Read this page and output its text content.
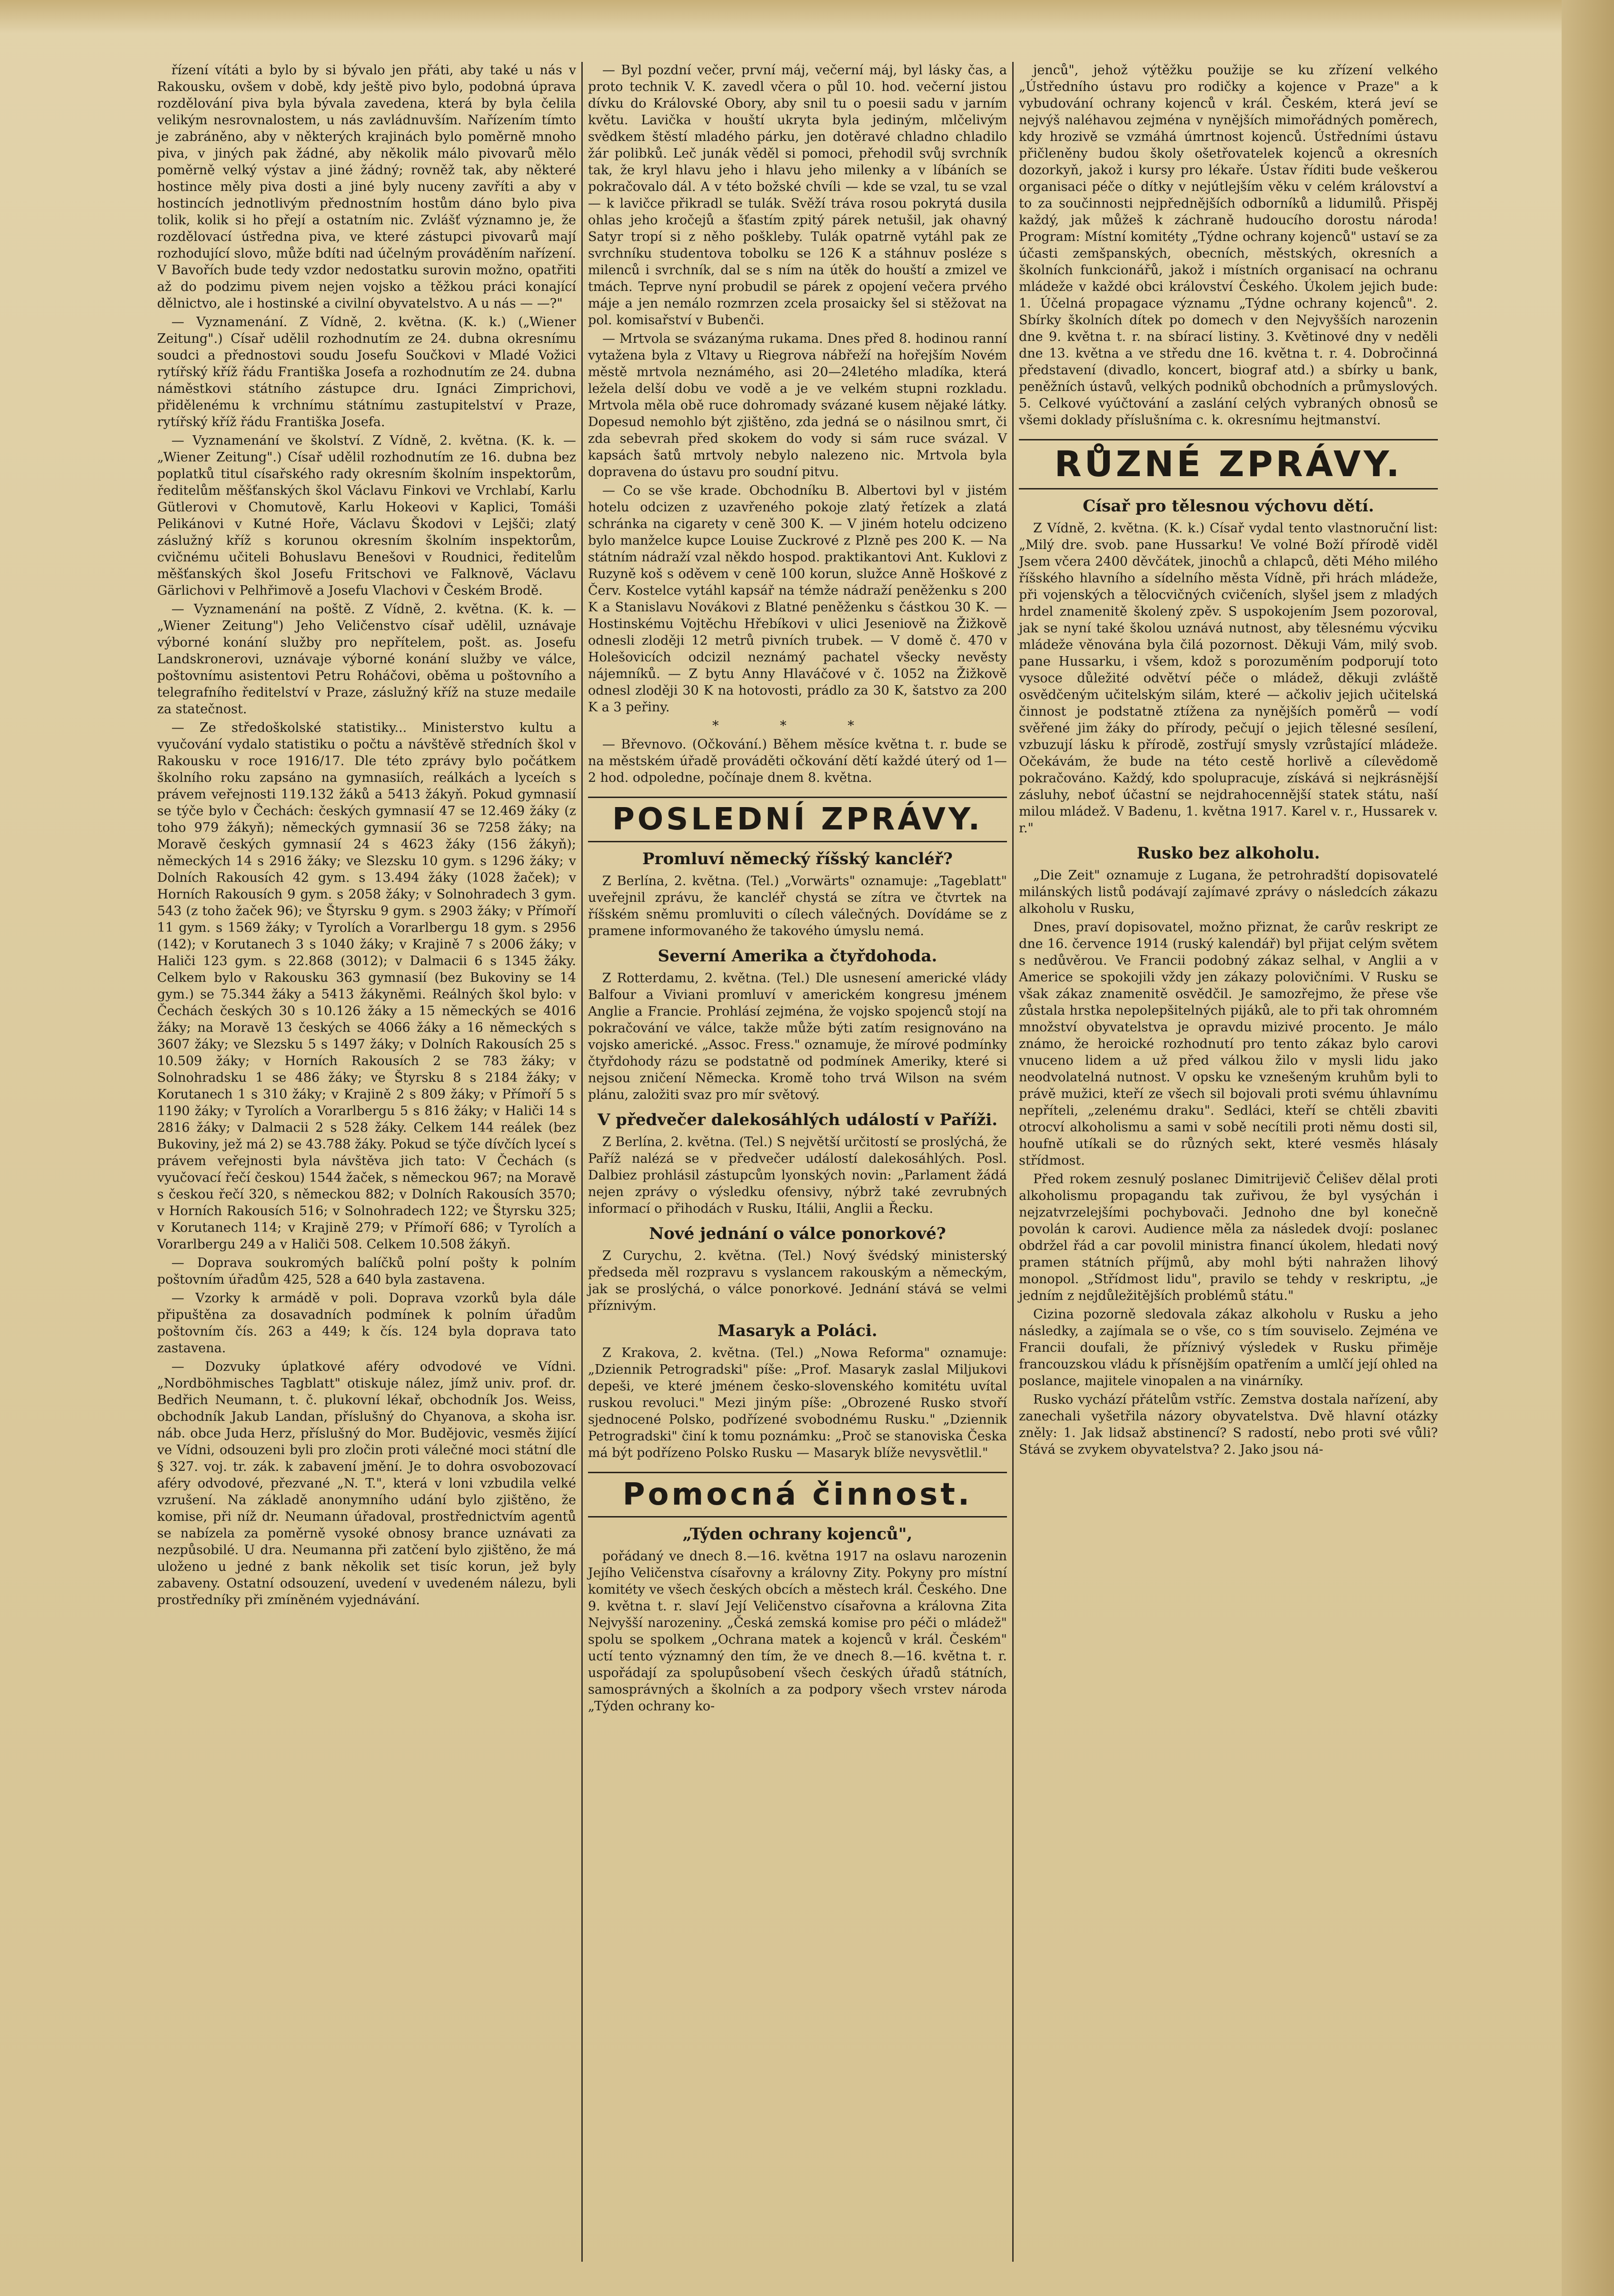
řízení vítáti a bylo by si bývalo jen přáti, aby také u nás v Rakousku, ovšem v době, kdy ještě pivo bylo, podobná úprava rozdělování piva byla bývala zavedena, která by byla čelila velikým nesrovnalostem, u nás zavládnuvším. Nařízením tímto je zabráněno, aby v některých krajinách bylo poměrně mnoho piva, v jiných pak žádné, aby několik málo pivovarů mělo poměrně velký výstav a jiné žádný; rovněž tak, aby některé hostince měly piva dosti a jiné byly nuceny zavříti a aby v hostincích jednotlivým přednostním hostům dáno bylo piva tolik, kolik si ho přejí a ostatním nic. Zvlášť významno je, že rozdělovací ústředna piva, ve které zástupci pivovarů mají rozhodující slovo, může bdíti nad účelným prováděním nařízení. V Bavořích bude tedy vzdor nedostatku surovin možno, opatřiti až do podzimu pivem nejen vojsko a těžkou práci konající dělnictvo, ale i hostinské a civilní obyvatelstvo. A u nás — —?"

— Vyznamenání. Z Vídně, 2. května. (K. k.) („Wiener Zeitung".) Císař udělil rozhodnutím ze 24. dubna okresnímu soudci a přednostovi soudu Josefu Součkovi v Mladé Vožici rytířský kříž řádu Františka Josefa a rozhodnutím ze 24. dubna náměstkovi státního zástupce dru. Ignáci Zimprichovi, přidělenému k vrchnímu státnímu zastupitelství v Praze, rytířský kříž řádu Františka Josefa.

— Vyznamenání ve školství. Z Vídně, 2. května. (K. k. — „Wiener Zeitung".) Císař udělil rozhodnutím ze 16. dubna bez poplatků titul císařského rady okresním školním inspektorům, ředitelům měšťanských škol Václavu Finkovi ve Vrchlabí, Karlu Gütlerovi v Chomutově, Karlu Hokeovi v Kaplici, Tomáši Pelikánovi v Kutné Hoře, Václavu Škodovi v Lejšči; zlatý záslužný kříž s korunou okresním školním inspektorům, cvičnému učiteli Bohuslavu Benešovi v Roudnici, ředitelům měšťanských škol Josefu Fritschovi ve Falknově, Václavu Gärlichovi v Pelhřimově a Josefu Vlachovi v Českém Brodě.

— Vyznamenání na poště. Z Vídně, 2. května. (K. k. — „Wiener Zeitung") Jeho Veličenstvo císař udělil, uznávaje výborné konání služby pro nepřítelem, pošt. as. Josefu Landskronerovi, uznávaje výborné konání služby ve válce, poštovnímu asistentovi Petru Roháčovi, oběma u poštovního a telegrafního ředitelství v Praze, záslužný kříž na stuze medaile za statečnost.

— Ze středoškolské statistiky... Ministerstvo kultu a vyučování vydalo statistiku o počtu a návštěvě středních škol v Rakousku v roce 1916/17. Dle této zprávy bylo počátkem školního roku zapsáno na gymnasiích, reálkách a lyceích s právem veřejnosti 119.132 žáků a 5413 žákyň. Pokud gymnasií se týče bylo v Čechách: českých gymnasií 47 se 12.469 žáky (z toho 979 žákyň); německých gymnasií 36 se 7258 žáky; na Moravě českých gymnasií 24 s 4623 žáky (156 žákyň); německých 14 s 2916 žáky; ve Slezsku 10 gym. s 1296 žáky; v Dolních Rakousích 42 gym. s 13.494 žáky (1028 žaček); v Horních Rakousích 9 gym. s 2058 žáky; v Solnohradech 3 gym. 543 (z toho žaček 96); ve Štyrsku 9 gym. s 2903 žáky; v Přímoří 11 gym. s 1569 žáky; v Tyrolích a Vorarlbergu 18 gym. s 2956 (142); v Korutanech 3 s 1040 žáky; v Krajině 7 s 2006 žáky; v Haliči 123 gym. s 22.868 (3012); v Dalmacii 6 s 1345 žáky. Celkem bylo v Rakousku 363 gymnasií (bez Bukoviny se 14 gym.) se 75.344 žáky a 5413 žákyněmi. Reálných škol bylo: v Čechách českých 30 s 10.126 žáky a 15 německých se 4016 žáky; na Moravě 13 českých se 4066 žáky a 16 německých s 3607 žáky; ve Slezsku 5 s 1497 žáky; v Dolních Rakousích 25 s 10.509 žáky; v Horních Rakousích 2 se 783 žáky; v Solnohradsku 1 se 486 žáky; ve Štyrsku 8 s 2184 žáky; v Korutanech 1 s 310 žáky; v Krajině 2 s 809 žáky; v Přímoří 5 s 1190 žáky; v Tyrolích a Vorarlbergu 5 s 816 žáky; v Haliči 14 s 2816 žáky; v Dalmacii 2 s 528 žáky. Celkem 144 reálek (bez Bukoviny, jež má 2) se 43.788 žáky. Pokud se týče dívčích lyceí s právem veřejnosti byla návštěva jich tato: V Čechách (s vyučovací řečí českou) 1544 žaček, s německou 967; na Moravě s českou řečí 320, s německou 882; v Dolních Rakousích 3570; v Horních Rakousích 516; v Solnohradech 122; ve Štyrsku 325; v Korutanech 114; v Krajině 279; v Přímoří 686; v Tyrolích a Vorarlbergu 249 a v Haliči 508. Celkem 10.508 žákyň.

— Doprava soukromých balíčků polní pošty k polním poštovním úřadům 425, 528 a 640 byla zastavena.

— Vzorky k armádě v poli. Doprava vzorků byla dále připuštěna za dosavadních podmínek k polním úřadům poštovním čís. 263 a 449; k čís. 124 byla doprava tato zastavena.

— Dozvuky úplatkové aféry odvodové ve Vídni. „Nordböhmisches Tagblatt" otiskuje nález, jímž univ. prof. dr. Bedřich Neumann, t. č. plukovní lékař, obchodník Jos. Weiss, obchodník Jakub Landan, příslušný do Chyanova, a skoha isr. náb. obce Juda Herz, příslušný do Mor. Budějovic, vesměs žijící ve Vídni, odsouzeni byli pro zločin proti válečné moci státní dle § 327. voj. tr. zák. k zabavení jmění. Je to dohra osvobozovací aféry odvodové, přezvané „N. T.", která v loni vzbudila velké vzrušení. Na základě anonymního udání bylo zjištěno, že komise, při níž dr. Neumann úřadoval, prostřednictvím agentů se nabízela za poměrně vysoké obnosy brance uznávati za nezpůsobilé. U dra. Neumanna při zatčení bylo zjištěno, že má uloženo u jedné z bank několik set tisíc korun, jež byly zabaveny. Ostatní odsouzení, uvedení v uvedeném nálezu, byli prostředníky při zmíněném vyjednávání.

— Byl pozdní večer, první máj, večerní máj, byl lásky čas, a proto technik V. K. zavedl včera o půl 10. hod. večerní jistou dívku do Královské Obory, aby snil tu o poesii sadu v jarním květu. Lavička v houští ukryta byla jediným, mlčelivým svědkem štěstí mladého párku, jen dotěravé chladno chladilo žár polibků. Leč junák věděl si pomoci, přehodil svůj svrchník tak, že kryl hlavu jeho i hlavu jeho milenky a v líbáních se pokračovalo dál. A v této božské chvíli — kde se vzal, tu se vzal — k lavičce přikradl se tulák. Svěží tráva rosou pokrytá dusila ohlas jeho kročejů a šťastím zpitý párek netušil, jak ohavný Satyr tropí si z něho poškleby. Tulák opatrně vytáhl pak ze svrchníku studentova tobolku se 126 K a stáhnuv posléze s milenců i svrchník, dal se s ním na útěk do houští a zmizel ve tmách. Teprve nyní probudil se párek z opojení večera prvého máje a jen nemálo rozmrzen zcela prosaicky šel si stěžovat na pol. komisařství v Bubenči.

— Mrtvola se svázanýma rukama. Dnes před 8. hodinou ranní vytažena byla z Vltavy u Riegrova nábřeží na hořejším Novém městě mrtvola neznámého, asi 20—24letého mladíka, která ležela delší dobu ve vodě a je ve velkém stupni rozkladu. Mrtvola měla obě ruce dohromady svázané kusem nějaké látky. Dopesud nemohlo být zjištěno, zda jedná se o násilnou smrt, či zda sebevrah před skokem do vody si sám ruce svázal. V kapsách šatů mrtvoly nebylo nalezeno nic. Mrtvola byla dopravena do ústavu pro soudní pitvu.

— Co se vše krade. Obchodníku B. Albertovi byl v jistém hotelu odcizen z uzavřeného pokoje zlatý řetízek a zlatá schránka na cigarety v ceně 300 K. — V jiném hotelu odcizeno bylo manželce kupce Louise Zuckrové z Plzně pes 200 K. — Na státním nádraží vzal někdo hospod. praktikantovi Ant. Kuklovi z Ruzyně koš s oděvem v ceně 100 korun, služce Anně Hoškové z Červ. Kostelce vytáhl kapsář na témže nádraží peněženku s 200 K a Stanislavu Novákovi z Blatné peněženku s částkou 30 K. — Hostinskému Vojtěchu Hřebíkovi v ulici Jeseniově na Žižkově odnesli zloději 12 metrů pivních trubek. — V domě č. 470 v Holešovicích odcizil neznámý pachatel všecky nevěsty nájemníků. — Z bytu Anny Hlaváčové v č. 1052 na Žižkově odnesl zloději 30 K na hotovosti, prádlo za 30 K, šatstvo za 200 K a 3 peřiny.

* * *

— Břevnovo. (Očkování.) Během měsíce května t. r. bude se na městském úřadě prováděti očkování dětí každé úterý od 1—2 hod. odpoledne, počínaje dnem 8. května.

POSLEDNÍ ZPRÁVY.
Promluví německý říšský kancléř?

Z Berlína, 2. května. (Tel.) „Vorwärts" oznamuje: „Tageblatt" uveřejnil zprávu, že kancléř chystá se zítra ve čtvrtek na říšském sněmu promluviti o cílech válečných. Dovídáme se z pramene informovaného že takového úmyslu nemá.

Severní Amerika a čtyřdohoda.

Z Rotterdamu, 2. května. (Tel.) Dle usnesení americké vlády Balfour a Viviani promluví v americkém kongresu jménem Anglie a Francie. Prohlásí zejména, že vojsko spojenců stojí na pokračování ve válce, takže může býti zatím resignováno na vojsko americké. „Assoc. Fress." oznamuje, že mírové podmínky čtyřdohody rázu se podstatně od podmínek Ameriky, které si nejsou zničení Německa. Kromě toho trvá Wilson na svém plánu, založiti svaz pro mír světový.

V předvečer dalekosáhlých událostí v Paříži.

Z Berlína, 2. května. (Tel.) S největší určitostí se proslýchá, že Paříž nalézá se v předvečer událostí dalekosáhlých. Posl. Dalbiez prohlásil zástupcům lyonských novin: „Parlament žádá nejen zprávy o výsledku ofensivy, nýbrž také zevrubných informací o přihodách v Rusku, Itálii, Anglii a Řecku.

Nové jednání o válce ponorkové?

Z Curychu, 2. května. (Tel.) Nový švédský ministerský předseda měl rozpravu s vyslancem rakouským a německým, jak se proslýchá, o válce ponorkové. Jednání stává se velmi příznivým.

Masaryk a Poláci.

Z Krakova, 2. května. (Tel.) „Nowa Reforma" oznamuje: „Dziennik Petrogradski" píše: „Prof. Masaryk zaslal Miljukovi depeši, ve které jménem česko-slovenského komitétu uvítal ruskou revoluci." Mezi jiným píše: „Obrozené Rusko stvoří sjednocené Polsko, podřízené svobodnému Rusku." „Dziennik Petrogradski" činí k tomu poznámku: „Proč se stanoviska Česka má být podřízeno Polsko Rusku — Masaryk blíže nevysvětlil."

Pomocná činnost.
„Týden ochrany kojenců",

pořádaný ve dnech 8.—16. května 1917 na oslavu narozenin Jejího Veličenstva císařovny a královny Zity. Pokyny pro místní komitéty ve všech českých obcích a městech král. Českého. Dne 9. května t. r. slaví Její Veličenstvo císařovna a královna Zita Nejvyšší narozeniny. „Česká zemská komise pro péči o mládež" spolu se spolkem „Ochrana matek a kojenců v král. Českém" uctí tento významný den tím, že ve dnech 8.—16. května t. r. uspořádají za spolupůsobení všech českých úřadů státních, samosprávných a školních a za podpory všech vrstev národa „Týden ochrany ko-

jenců", jehož výtěžku použije se ku zřízení velkého „Ústředního ústavu pro rodičky a kojence v Praze" a k vybudování ochrany kojenců v král. Českém, která jeví se nejvýš naléhavou zejména v nynějších mimořádných poměrech, kdy hrozivě se vzmáhá úmrtnost kojenců. Ústředními ústavu přičleněny budou školy ošetřovatelek kojenců a okresních dozorkyň, jakož i kursy pro lékaře. Ústav říditi bude veškerou organisaci péče o dítky v nejútlejším věku v celém království a to za součinnosti nejpřednějších odborníků a lidumilů. Přispěj každý, jak můžeš k záchraně hudoucího dorostu národa! Program: Místní komitéty „Týdne ochrany kojenců" ustaví se za účasti zemšpanských, obecních, městských, okresních a školních funkcionářů, jakož i místních organisací na ochranu mládeže v každé obci království Českého. Úkolem jejich bude: 1. Účelná propagace významu „Týdne ochrany kojenců". 2. Sbírky školních dítek po domech v den Nejvyšších narozenin dne 9. května t. r. na sbírací listiny. 3. Květinové dny v neděli dne 13. května a ve středu dne 16. května t. r. 4. Dobročinná představení (divadlo, koncert, biograf atd.) a sbírky u bank, peněžních ústavů, velkých podniků obchodních a průmyslových. 5. Celkové vyúčtování a zaslání celých vybraných obnosů se všemi doklady příslušníma c. k. okresnímu hejtmanství.

RŮZNÉ ZPRÁVY.
Císař pro tělesnou výchovu dětí.

Z Vídně, 2. května. (K. k.) Císař vydal tento vlastnoruční list: „Milý dre. svob. pane Hussarku! Ve volné Boží přírodě viděl Jsem včera 2400 děvčátek, jinochů a chlapců, děti Mého milého říšského hlavního a sídelního města Vídně, při hrách mládeže, při vojenských a tělocvičných cvičeních, slyšel jsem z mladých hrdel znamenitě školený zpěv. S uspokojením Jsem pozoroval, jak se nyní také školou uznává nutnost, aby tělesnému výcviku mládeže věnována byla čilá pozornost. Děkuji Vám, milý svob. pane Hussarku, i všem, kdož s porozuměním podporují toto vysoce důležité odvětví péče o mládež, děkuji zvláště osvědčeným učitelským silám, které — ačkoliv jejich učitelská činnost je podstatně ztížena za nynějších poměrů — vodí svěřené jim žáky do přírody, pečují o jejich tělesné sesílení, vzbuzují lásku k přírodě, zostřují smysly vzrůstající mládeže. Očekávám, že bude na této cestě horlivě a cílevědomě pokračováno. Každý, kdo spolupracuje, získává si nejkrásnější zásluhy, neboť účastní se nejdrahocennější statek státu, naší milou mládež. V Badenu, 1. května 1917. Karel v. r., Hussarek v. r."

Rusko bez alkoholu.

„Die Zeit" oznamuje z Lugana, že petrohradští dopisovatelé milánských listů podávají zajímavé zprávy o následcích zákazu alkoholu v Rusku,

Dnes, praví dopisovatel, možno přiznat, že carův reskript ze dne 16. července 1914 (ruský kalendář) byl přijat celým světem s nedůvěrou. Ve Francii podobný zákaz selhal, v Anglii a v Americe se spokojili vždy jen zákazy polovičními. V Rusku se však zákaz znamenitě osvědčil. Je samozřejmo, že přese vše zůstala hrstka nepolepšitelných pijáků, ale to při tak ohromném množství obyvatelstva je opravdu mizivé procento. Je málo známo, že heroické rozhodnutí pro tento zákaz bylo carovi vnuceno lidem a už před válkou žilo v mysli lidu jako neodvolatelná nutnost. V opsku ke vznešeným kruhům byli to právě mužici, kteří ze všech sil bojovali proti svému úhlavnímu nepříteli, „zelenému draku". Sedláci, kteří se chtěli zbaviti otrocví alkoholismu a sami v sobě necítili proti němu dosti sil, houfně utíkali se do různých sekt, které vesměs hlásaly střídmost.

Před rokem zesnulý poslanec Dimitrijevič Čelišev dělal proti alkoholismu propagandu tak zuřivou, že byl vysýchán i nejzatvrzelejšími pochybovači. Jednoho dne byl konečně povolán k carovi. Audience měla za následek dvojí: poslanec obdržel řád a car povolil ministra financí úkolem, hledati nový pramen státních příjmů, aby mohl býti nahražen lihový monopol. „Střídmost lidu", pravilo se tehdy v reskriptu, „je jedním z nejdůležitějších problémů státu."

Cizina pozorně sledovala zákaz alkoholu v Rusku a jeho následky, a zajímala se o vše, co s tím souviselo. Zejména ve Francii doufali, že příznivý výsledek v Rusku přiměje francouzskou vládu k přísnějším opatřením a umlčí její ohled na poslance, majitele vinopalen a na vinárníky.

Rusko vychází přátelům vstříc. Zemstva dostala nařízení, aby zanechali vyšetřila názory obyvatelstva. Dvě hlavní otázky zněly: 1. Jak lidsaž abstinencí? S radostí, nebo proti své vůli? Stává se zvykem obyvatelstva? 2. Jako jsou ná-
